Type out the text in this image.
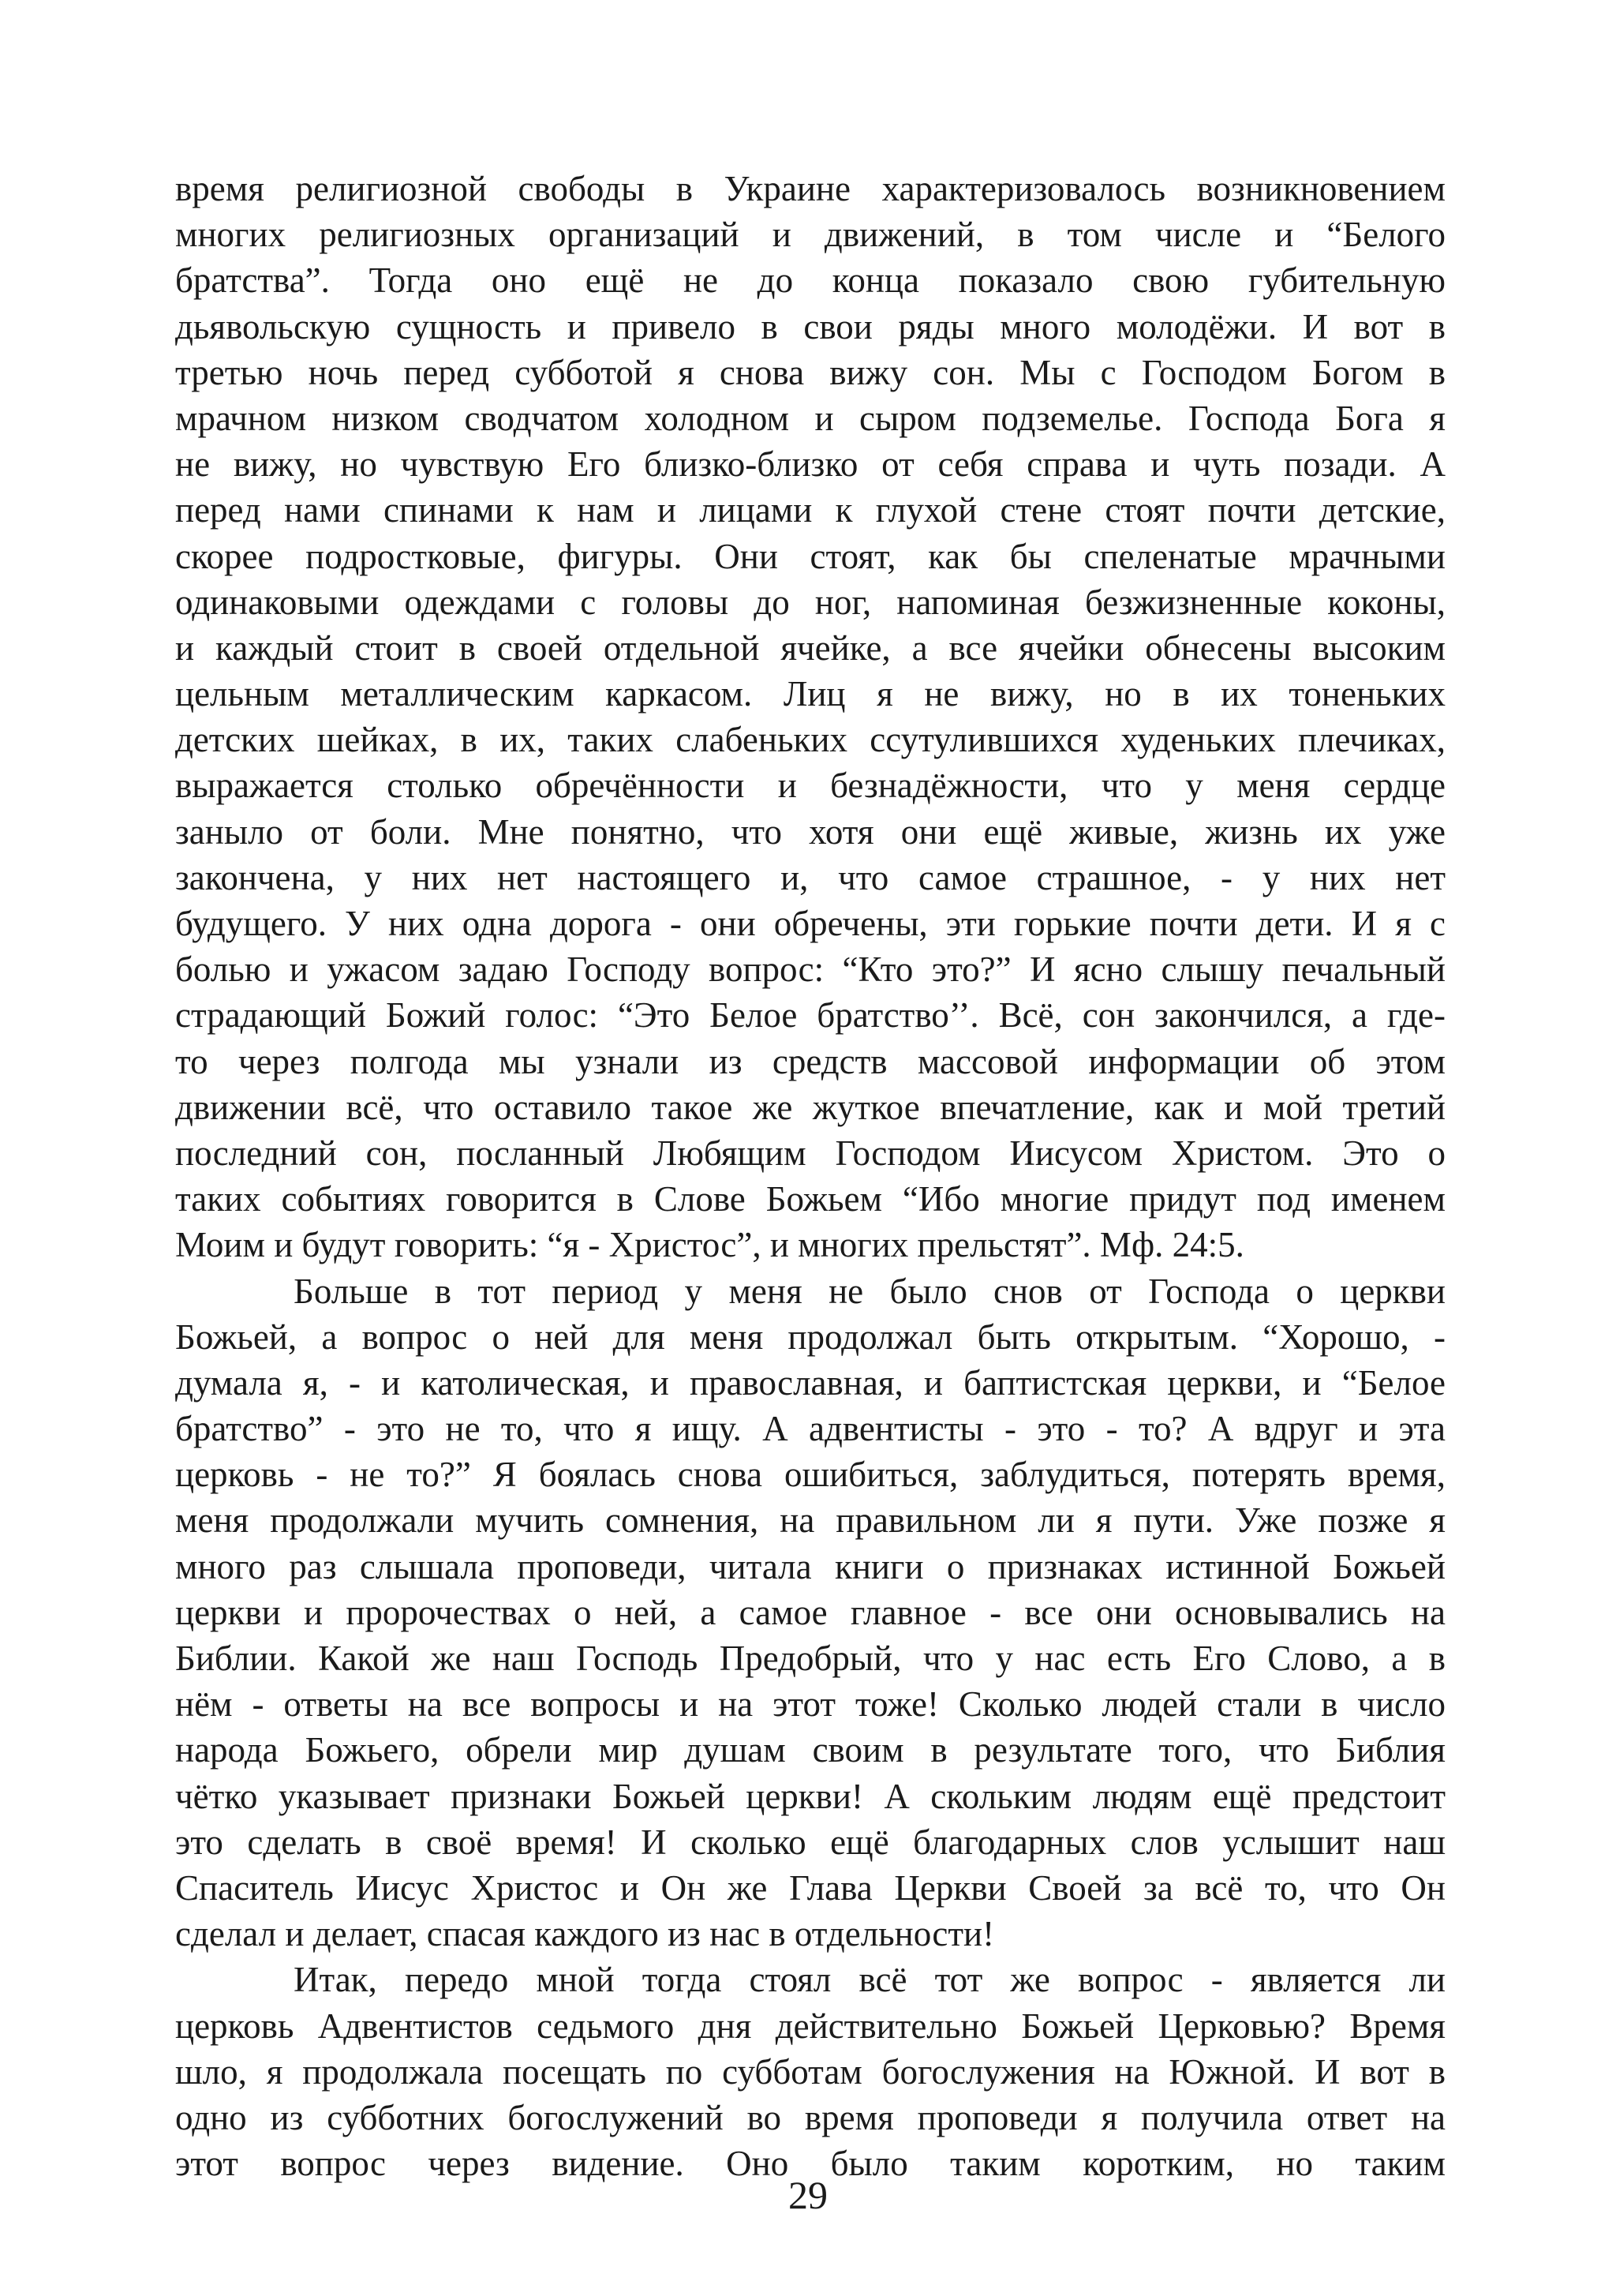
время религиозной свободы в Украине характеризовалось возникновением
многих религиозных организаций и движений, в том числе и “Белого
братства”. Тогда оно ещё не до конца показало свою губительную
дьявольскую сущность и привело в свои ряды много молодёжи. И вот в
третью ночь перед субботой я снова вижу сон. Мы с Господом Богом в
мрачном низком сводчатом холодном и сыром подземелье. Господа Бога я
не вижу, но чувствую Его близко-близко от себя справа и чуть позади. А
перед нами спинами к нам и лицами к глухой стене стоят почти детские,
скорее подростковые, фигуры. Они стоят, как бы спеленатые мрачными
одинаковыми одеждами с головы до ног, напоминая безжизненные коконы,
и каждый стоит в своей отдельной ячейке, а все ячейки обнесены высоким
цельным металлическим каркасом. Лиц я не вижу, но в их тоненьких
детских шейках, в их, таких слабеньких ссутулившихся худеньких плечиках,
выражается столько обречённости и безнадёжности, что у меня сердце
заныло от боли. Мне понятно, что хотя они ещё живые, жизнь их уже
закончена, у них нет настоящего и, что самое страшное, - у них нет
будущего. У них одна дорога - они обречены, эти горькие почти дети. И я с
болью и ужасом задаю Господу вопрос: “Кто это?” И ясно слышу печальный
страдающий Божий голос: “Это Белое братство’’. Всё, сон закончился, а где-
то через полгода мы узнали из средств массовой информации об этом
движении всё, что оставило такое же жуткое впечатление, как и мой третий
последний сон, посланный Любящим Господом Иисусом Христом. Это о
таких событиях говорится в Слове Божьем “Ибо многие придут под именем
Моим и будут говорить: “я - Христос”, и многих прельстят”. Мф. 24:5.
Больше в тот период у меня не было снов от Господа о церкви
Божьей, а вопрос о ней для меня продолжал быть открытым. “Хорошо, -
думала я, - и католическая, и православная, и баптистская церкви, и “Белое
братство” - это не то, что я ищу. А адвентисты - это - то? А вдруг и эта
церковь - не то?” Я боялась снова ошибиться, заблудиться, потерять время,
меня продолжали мучить сомнения, на правильном ли я пути. Уже позже я
много раз слышала проповеди, читала книги о признаках истинной Божьей
церкви и пророчествах о ней, а самое главное - все они основывались на
Библии. Какой же наш Господь Предобрый, что у нас есть Его Слово, а в
нём - ответы на все вопросы и на этот тоже! Сколько людей стали в число
народа Божьего, обрели мир душам своим в результате того, что Библия
чётко указывает признаки Божьей церкви! А скольким людям ещё предстоит
это сделать в своё время! И сколько ещё благодарных слов услышит наш
Спаситель Иисус Христос и Он же Глава Церкви Своей за всё то, что Он
сделал и делает, спасая каждого из нас в отдельности!
Итак, передо мной тогда стоял всё тот же вопрос - является ли
церковь Адвентистов седьмого дня действительно Божьей Церковью? Время
шло, я продолжала посещать по субботам богослужения на Южной. И вот в
одно из субботних богослужений во время проповеди я получила ответ на
этот вопрос через видение. Оно было таким коротким, но таким
29
